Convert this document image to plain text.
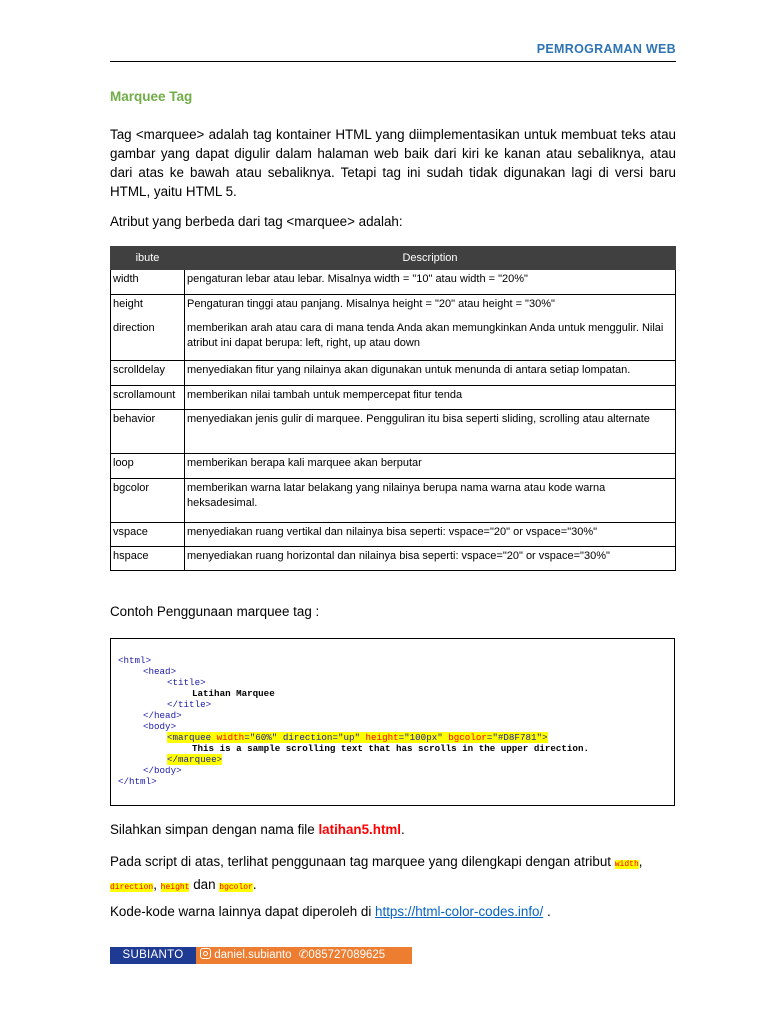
PEMROGRAMAN WEB
Marquee Tag
Tag <marquee> adalah tag kontainer HTML yang diimplementasikan untuk membuat teks atau gambar yang dapat digulir dalam halaman web baik dari kiri ke kanan atau sebaliknya, atau dari atas ke bawah atau sebaliknya. Tetapi tag ini sudah tidak digunakan lagi di versi baru HTML, yaitu HTML 5.
Atribut yang berbeda dari tag <marquee> adalah:
ibute	Description
width	pengaturan lebar atau lebar. Misalnya width = "10" atau width = "20%"
height	Pengaturan tinggi atau panjang. Misalnya height = "20" atau height = "30%"
direction	memberikan arah atau cara di mana tenda Anda akan memungkinkan Anda untuk menggulir. Nilai atribut ini dapat berupa: left, right, up atau down
scrolldelay	menyediakan fitur yang nilainya akan digunakan untuk menunda di antara setiap lompatan.
scrollamount	memberikan nilai tambah untuk mempercepat fitur tenda
behavior	menyediakan jenis gulir di marquee. Pengguliran itu bisa seperti sliding, scrolling atau alternate
loop	memberikan berapa kali marquee akan berputar
bgcolor	memberikan warna latar belakang yang nilainya berupa nama warna atau kode warna heksadesimal.
vspace	menyediakan ruang vertikal dan nilainya bisa seperti: vspace="20" or vspace="30%"
hspace	menyediakan ruang horizontal dan nilainya bisa seperti: vspace="20" or vspace="30%"
Contoh Penggunaan marquee tag :
<html>
<head>
<title>
Latihan Marquee
</title>
</head>
<body>
<marquee width="60%" direction="up" height="100px" bgcolor="#D8F781">
This is a sample scrolling text that has scrolls in the upper direction.
</marquee>
</body>
</html>
Silahkan simpan dengan nama file latihan5.html.
Pada script di atas, terlihat penggunaan tag marquee yang dilengkapi dengan atribut width,
direction, height dan bgcolor.
Kode-kode warna lainnya dapat diperoleh di https://html-color-codes.info/ .
SUBIANTO	daniel.subianto ✆085727089625
